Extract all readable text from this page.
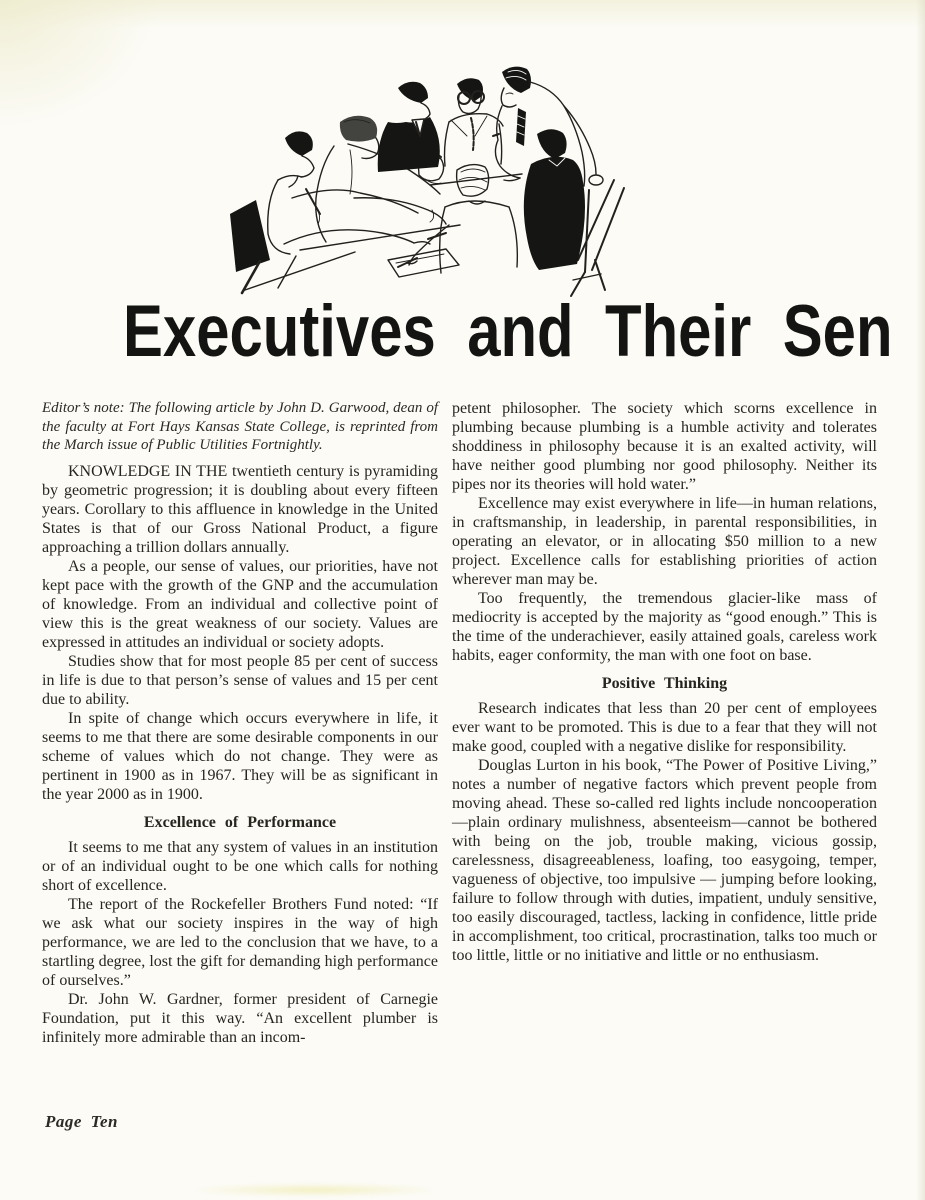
Executives and Their Sen

Editor’s note: The following article by John D. Garwood, dean of the faculty at Fort Hays Kansas State College, is reprinted from the March issue of Public Utilities Fortnightly.

KNOWLEDGE IN THE twentieth century is pyramiding by geometric progression; it is doubling about every fifteen years. Corollary to this affluence in knowledge in the United States is that of our Gross National Product, a figure approaching a trillion dollars annually.

As a people, our sense of values, our priorities, have not kept pace with the growth of the GNP and the accumulation of knowledge. From an individual and collective point of view this is the great weakness of our society. Values are expressed in attitudes an individual or society adopts.

Studies show that for most people 85 per cent of success in life is due to that person’s sense of values and 15 per cent due to ability.

In spite of change which occurs everywhere in life, it seems to me that there are some desirable components in our scheme of values which do not change. They were as pertinent in 1900 as in 1967. They will be as significant in the year 2000 as in 1900.

Excellence of Performance

It seems to me that any system of values in an institution or of an individual ought to be one which calls for nothing short of excellence.

The report of the Rockefeller Brothers Fund noted: “If we ask what our society inspires in the way of high performance, we are led to the conclusion that we have, to a startling degree, lost the gift for demanding high performance of ourselves.”

Dr. John W. Gardner, former president of Carnegie Foundation, put it this way. “An excellent plumber is infinitely more admirable than an incom-

petent philosopher. The society which scorns excellence in plumbing because plumbing is a humble activity and tolerates shoddiness in philosophy because it is an exalted activity, will have neither good plumbing nor good philosophy. Neither its pipes nor its theories will hold water.”

Excellence may exist everywhere in life—in human relations, in craftsmanship, in leadership, in parental responsibilities, in operating an elevator, or in allocating $50 million to a new project. Excellence calls for establishing priorities of action wherever man may be.

Too frequently, the tremendous glacier-like mass of mediocrity is accepted by the majority as “good enough.” This is the time of the underachiever, easily attained goals, careless work habits, eager conformity, the man with one foot on base.

Positive Thinking

Research indicates that less than 20 per cent of employees ever want to be promoted. This is due to a fear that they will not make good, coupled with a negative dislike for responsibility.

Douglas Lurton in his book, “The Power of Positive Living,” notes a number of negative factors which prevent people from moving ahead. These so-called red lights include noncooperation—plain ordinary mulishness, absenteeism—cannot be bothered with being on the job, trouble making, vicious gossip, carelessness, disagreeableness, loafing, too easygoing, temper, vagueness of objective, too impulsive — jumping before looking, failure to follow through with duties, impatient, unduly sensitive, too easily discouraged, tactless, lacking in confidence, little pride in accomplishment, too critical, procrastination, talks too much or too little, little or no initiative and little or no enthusiasm.

Page Ten
